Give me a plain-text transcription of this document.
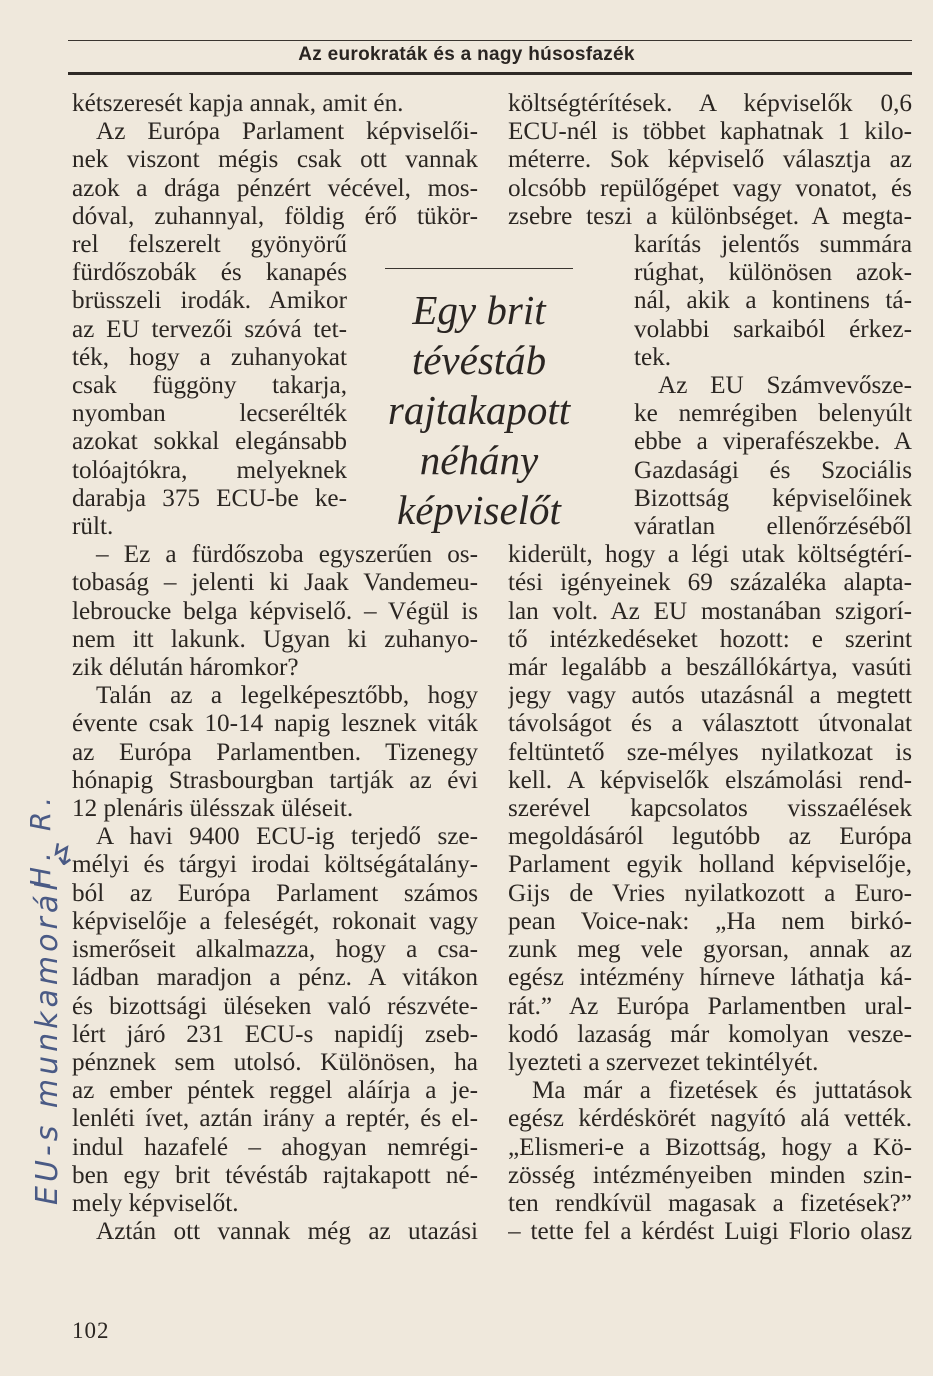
Az eurokraták és a nagy húsosfazék
kétszeresét kapja annak, amit én.
Az Európa Parlament képviselői-
nek viszont mégis csak ott vannak
azok a drága pénzért vécével, mos-
dóval, zuhannyal, földig érő tükör-
rel felszerelt gyönyörű
fürdőszobák és kanapés
brüsszeli irodák. Amikor
az EU tervezői szóvá tet-
ték, hogy a zuhanyokat
csak függöny takarja,
nyomban lecserélték
azokat sokkal elegánsabb
tolóajtókra, melyeknek
darabja 375 ECU-be ke-
rült.
– Ez a fürdőszoba egyszerűen os-
tobaság – jelenti ki Jaak Vandemeu-
lebroucke belga képviselő. – Végül is
nem itt lakunk. Ugyan ki zuhanyo-
zik délután háromkor?
Talán az a legelképesztőbb, hogy
évente csak 10-14 napig lesznek viták
az Európa Parlamentben. Tizenegy
hónapig Strasbourgban tartják az évi
12 plenáris ülésszak üléseit.
A havi 9400 ECU-ig terjedő sze-
mélyi és tárgyi irodai költségátalány-
ból az Európa Parlament számos
képviselője a feleségét, rokonait vagy
ismerőseit alkalmazza, hogy a csa-
ládban maradjon a pénz. A vitákon
és bizottsági üléseken való részvéte-
lért járó 231 ECU-s napidíj zseb-
pénznek sem utolsó. Különösen, ha
az ember péntek reggel aláírja a je-
lenléti ívet, aztán irány a reptér, és el-
indul hazafelé – ahogyan nemrégi-
ben egy brit tévéstáb rajtakapott né-
mely képviselőt.
Aztán ott vannak még az utazási
költségtérítések. A képviselők 0,6
ECU-nél is többet kaphatnak 1 kilo-
méterre. Sok képviselő választja az
olcsóbb repülőgépet vagy vonatot, és
zsebre teszi a különbséget. A megta-
karítás jelentős summára
rúghat, különösen azok-
nál, akik a kontinens tá-
volabbi sarkaiból érkez-
tek.
Az EU Számvevősze-
ke nemrégiben belenyúlt
ebbe a viperafészekbe. A
Gazdasági és Szociális
Bizottság képviselőinek
váratlan ellenőrzéséből
kiderült, hogy a légi utak költségtérí-
tési igényeinek 69 százaléka alapta-
lan volt. Az EU mostanában szigorí-
tő intézkedéseket hozott: e szerint
már legalább a beszállókártya, vasúti
jegy vagy autós utazásnál a megtett
távolságot és a választott útvonalat
feltüntető sze-mélyes nyilatkozat is
kell. A képviselők elszámolási rend-
szerével kapcsolatos visszaélések
megoldásáról legutóbb az Európa
Parlament egyik holland képviselője,
Gijs de Vries nyilatkozott a Euro-
pean Voice-nak: „Ha nem birkó-
zunk meg vele gyorsan, annak az
egész intézmény hírneve láthatja ká-
rát.” Az Európa Parlamentben ural-
kodó lazaság már komolyan vesze-
lyezteti a szervezet tekintélyét.
Ma már a fizetések és juttatások
egész kérdéskörét nagyító alá vették.
„Elismeri-e a Bizottság, hogy a Kö-
zösség intézményeiben minden szin-
ten rendkívül magasak a fizetések?”
– tette fel a kérdést Luigi Florio olasz
Egy brit
tévéstáb
rajtakapott
néhány
képviselőt
102
↯
H. R.
EU-s munkamorál
